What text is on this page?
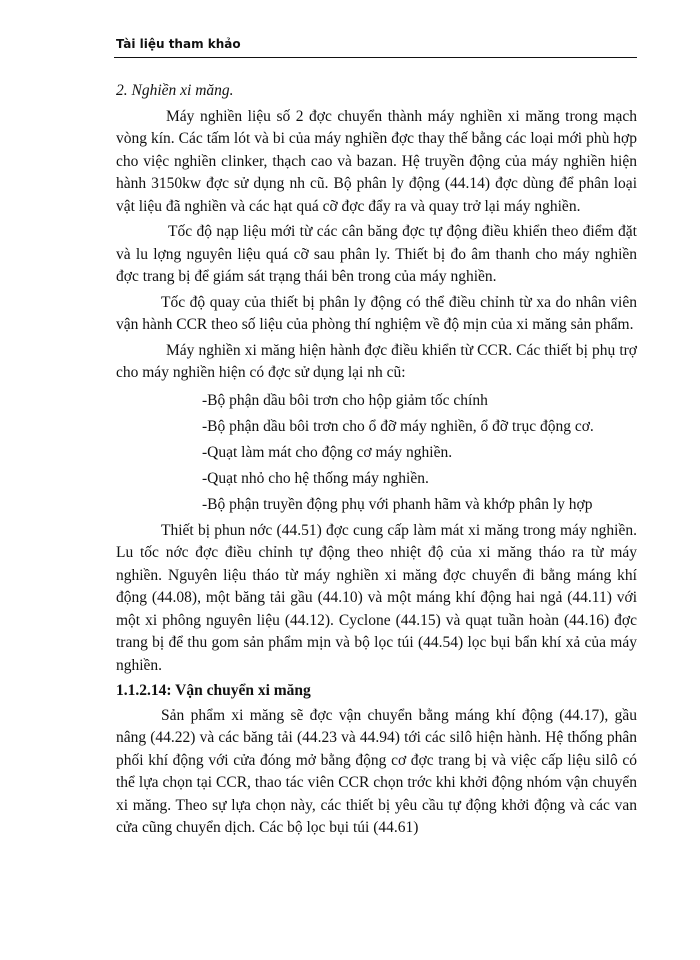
Tài liệu tham khảo

2. Nghiền xi măng.

Máy nghiền liệu số 2 đợc chuyển thành máy nghiền xi măng trong mạch vòng kín. Các tấm lót và bi của máy nghiền đợc thay thế bằng các loại mới phù hợp cho việc nghiền clinker, thạch cao và bazan. Hệ truyền động của máy nghiền hiện hành 3150kw đợc sử dụng nh cũ. Bộ phân ly động (44.14) đợc dùng để phân loại vật liệu đã nghiền và các hạt quá cỡ đợc đẩy ra và quay trở lại máy nghiền.

Tốc độ nạp liệu mới từ các cân băng đợc tự động điều khiển theo điểm đặt và lu lợng nguyên liệu quá cỡ sau phân ly. Thiết bị đo âm thanh cho máy nghiền đợc trang bị để giám sát trạng thái bên trong của máy nghiền.

Tốc độ quay của thiết bị phân ly động có thể điều chỉnh từ xa do nhân viên vận hành CCR theo số liệu của phòng thí nghiệm về độ mịn của xi măng sản phẩm.

Máy nghiền xi măng hiện hành đợc điều khiển từ CCR. Các thiết bị phụ trợ cho máy nghiền hiện có đợc sử dụng lại nh cũ:

-Bộ phận dầu bôi trơn cho hộp giảm tốc chính
-Bộ phận dầu bôi trơn cho ổ đỡ máy nghiền, ổ đỡ trục động cơ.
-Quạt làm mát cho động cơ máy nghiền.
-Quạt nhỏ cho hệ thống máy nghiền.
-Bộ phận truyền động phụ với phanh hãm và khớp phân ly hợp

Thiết bị phun nớc (44.51) đợc cung cấp làm mát xi măng trong máy nghiền. Lu tốc nớc đợc điều chỉnh tự động theo nhiệt độ của xi măng tháo ra từ máy nghiền. Nguyên liệu tháo từ máy nghiền xi măng đợc chuyển đi bằng máng khí động (44.08), một băng tải gầu (44.10) và một máng khí động hai ngả (44.11) với một xi phông nguyên liệu (44.12). Cyclone (44.15) và quạt tuần hoàn (44.16) đợc trang bị để thu gom sản phẩm mịn và bộ lọc túi (44.54) lọc bụi bẩn khí xả của máy nghiền.

1.1.2.14: Vận chuyển xi măng

Sản phẩm xi măng sẽ đợc vận chuyển bằng máng khí động (44.17), gầu nâng (44.22) và các băng tải (44.23 và 44.94) tới các silô hiện hành. Hệ thống phân phối khí động với cửa đóng mở bằng động cơ đợc trang bị và việc cấp liệu silô có thể lựa chọn tại CCR, thao tác viên CCR chọn trớc khi khởi động nhóm vận chuyển xi măng. Theo sự lựa chọn này, các thiết bị yêu cầu tự động khởi động và các van cửa cũng chuyển dịch. Các bộ lọc bụi túi (44.61)
